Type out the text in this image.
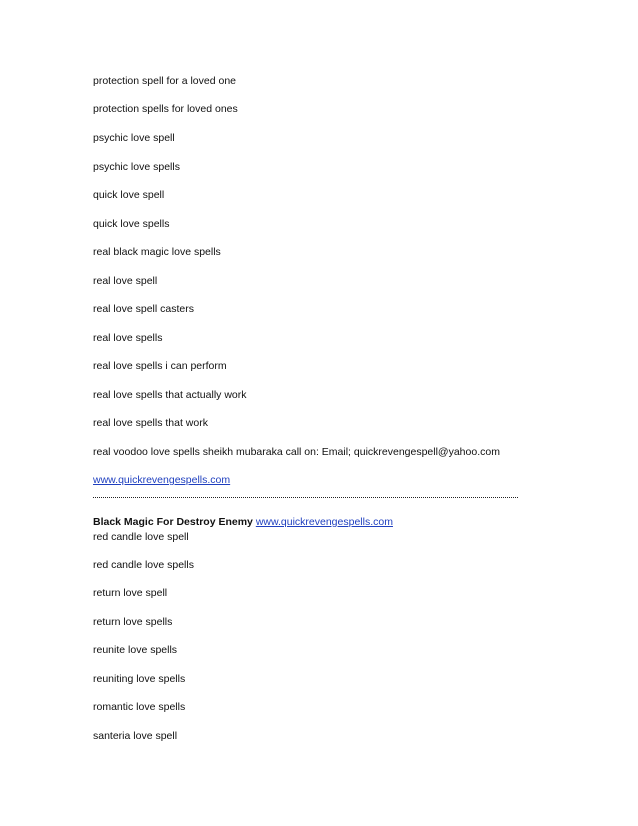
protection spell for a loved one
protection spells for loved ones
psychic love spell
psychic love spells
quick love spell
quick love spells
real black magic love spells
real love spell
real love spell casters
real love spells
real love spells i can perform
real love spells that actually work
real love spells that work
real voodoo love spells sheikh mubaraka call on: Email; quickrevengespell@yahoo.com
www.quickrevengespells.com
Black Magic For Destroy Enemy www.quickrevengespells.com
red candle love spell
red candle love spells
return love spell
return love spells
reunite love spells
reuniting love spells
romantic love spells
santeria love spell
